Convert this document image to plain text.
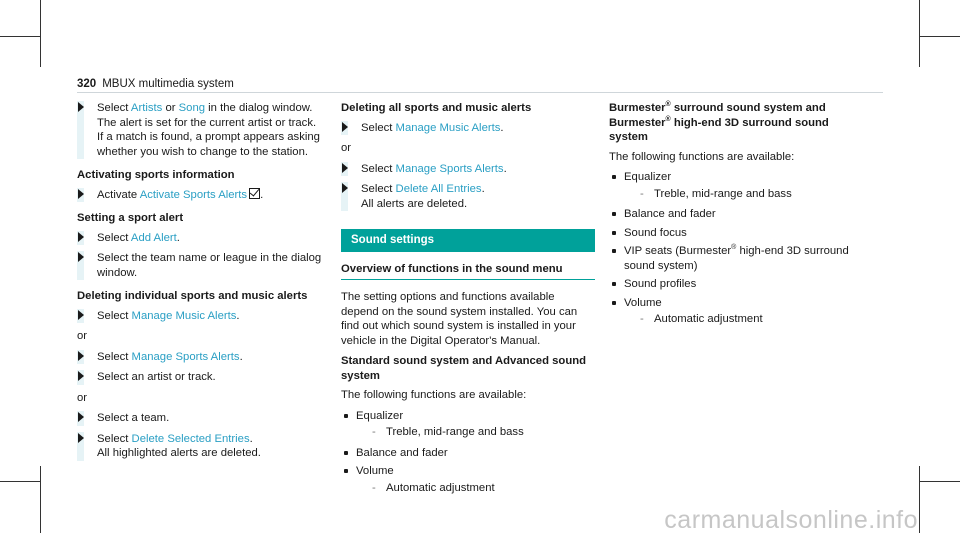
320 MBUX multimedia system
Select Artists or Song in the dialog window. The alert is set for the current artist or track. If a match is found, a prompt appears asking whether you wish to change to the station.
Activating sports information
Activate Activate Sports Alerts .
Setting a sport alert
Select Add Alert.
Select the team name or league in the dialog window.
Deleting individual sports and music alerts
Select Manage Music Alerts.
or
Select Manage Sports Alerts.
Select an artist or track.
or
Select a team.
Select Delete Selected Entries.
All highlighted alerts are deleted.
Deleting all sports and music alerts
Select Manage Music Alerts.
or
Select Manage Sports Alerts.
Select Delete All Entries.
All alerts are deleted.
Sound settings
Overview of functions in the sound menu
The setting options and functions available depend on the sound system installed. You can find out which sound system is installed in your vehicle in the Digital Operator's Manual.
Standard sound system and Advanced sound system
The following functions are available:
Equalizer
- Treble, mid-range and bass
Balance and fader
Volume
- Automatic adjustment
Burmester® surround sound system and
Burmester® high-end 3D surround sound
system
The following functions are available:
Equalizer
- Treble, mid-range and bass
Balance and fader
Sound focus
VIP seats (Burmester® high-end 3D surround sound system)
Sound profiles
Volume
- Automatic adjustment
carmanualsonline.info
